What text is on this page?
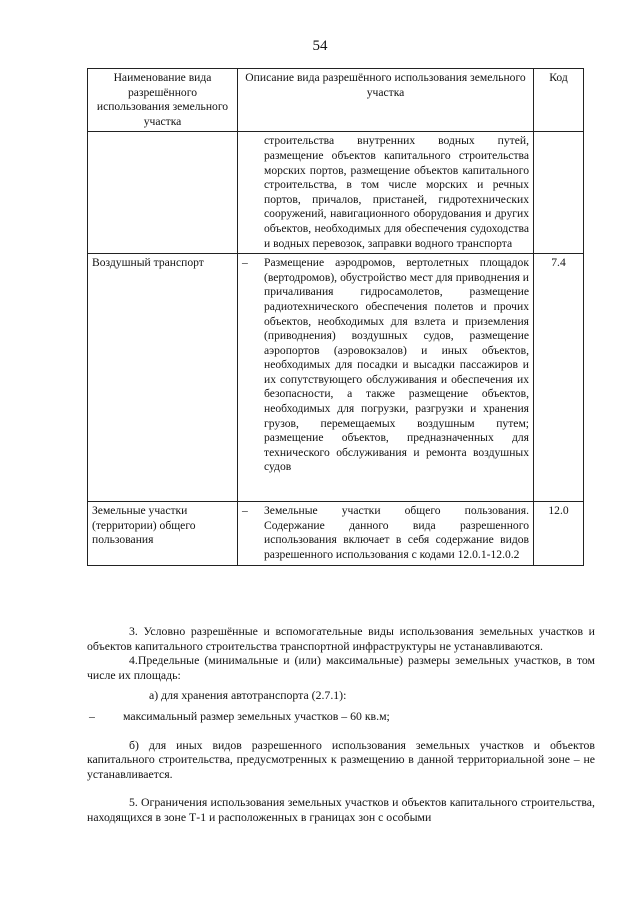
54
Наименование вида разрешённого использования земельного участка	Описание вида разрешённого использования земельного участка	Код

	строительства внутренних водных путей, размещение объектов капитального строительства морских портов, размещение объектов капитального строительства, в том числе морских и речных портов, причалов, пристаней, гидротехнических сооружений, навигационного оборудования и других объектов, необходимых для обеспечения судоходства и водных перевозок, заправки водного транспорта	

Воздушный транспорт	– Размещение аэродромов, вертолетных площадок (вертодромов), обустройство мест для приводнения и причаливания гидросамолетов, размещение радиотехнического обеспечения полетов и прочих объектов, необходимых для взлета и приземления (приводнения) воздушных судов, размещение аэропортов (аэровокзалов) и иных объектов, необходимых для посадки и высадки пассажиров и их сопутствующего обслуживания и обеспечения их безопасности, а также размещение объектов, необходимых для погрузки, разгрузки и хранения грузов, перемещаемых воздушным путем; размещение объектов, предназначенных для технического обслуживания и ремонта воздушных судов	7.4
Земельные участки (территории) общего пользования	– Земельные участки общего пользования. Содержание данного вида разрешенного использования включает в себя содержание видов разрешенного использования с кодами 12.0.1-12.0.2	12.0

3. Условно разрешённые и вспомогательные виды использования земельных участков и объектов капитального строительства транспортной инфраструктуры не устанавливаются.

4.Предельные (минимальные и (или) максимальные) размеры земельных участков, в том числе их площадь:

а) для хранения автотранспорта (2.7.1):

–	максимальный размер земельных участков – 60 кв.м;

б) для иных видов разрешенного использования земельных участков и объектов капитального строительства, предусмотренных к размещению в данной территориальной зоне – не устанавливается.

5. Ограничения использования земельных участков и объектов капитального строительства, находящихся в зоне Т-1 и расположенных в границах зон с особыми
